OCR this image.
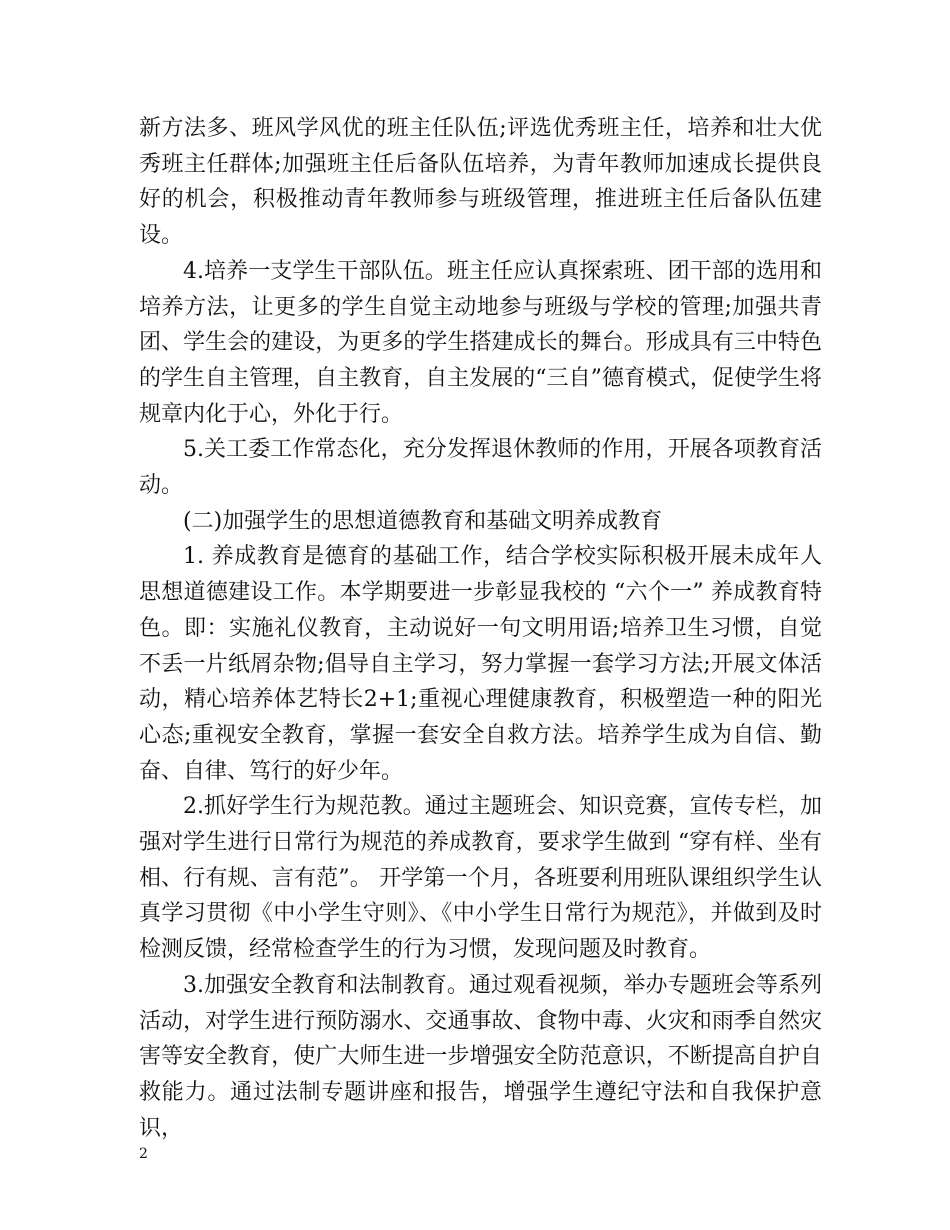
新方法多、班风学风优的班主任队伍;评选优秀班主任，培养和壮大优秀班主任群体;加强班主任后备队伍培养，为青年教师加速成长提供良好的机会，积极推动青年教师参与班级管理，推进班主任后备队伍建设。

4.培养一支学生干部队伍。班主任应认真探索班、团干部的选用和培养方法，让更多的学生自觉主动地参与班级与学校的管理;加强共青团、学生会的建设，为更多的学生搭建成长的舞台。形成具有三中特色的学生自主管理，自主教育，自主发展的“三自”德育模式，促使学生将规章内化于心，外化于行。

5.关工委工作常态化，充分发挥退休教师的作用，开展各项教育活动。

(二)加强学生的思想道德教育和基础文明养成教育

1. 养成教育是德育的基础工作，结合学校实际积极开展未成年人思想道德建设工作。本学期要进一步彰显我校的 “六个一” 养成教育特色。即：实施礼仪教育，主动说好一句文明用语;培养卫生习惯，自觉不丢一片纸屑杂物;倡导自主学习，努力掌握一套学习方法;开展文体活动，精心培养体艺特长2+1;重视心理健康教育，积极塑造一种的阳光心态;重视安全教育，掌握一套安全自救方法。培养学生成为自信、勤奋、自律、笃行的好少年。

2.抓好学生行为规范教。通过主题班会、知识竞赛，宣传专栏，加强对学生进行日常行为规范的养成教育，要求学生做到 “穿有样、坐有相、行有规、言有范”。 开学第一个月，各班要利用班队课组织学生认真学习贯彻《中小学生守则》、《中小学生日常行为规范》，并做到及时检测反馈，经常检查学生的行为习惯，发现问题及时教育。

3.加强安全教育和法制教育。通过观看视频，举办专题班会等系列活动，对学生进行预防溺水、交通事故、食物中毒、火灾和雨季自然灾害等安全教育，使广大师生进一步增强安全防范意识，不断提高自护自救能力。通过法制专题讲座和报告，增强学生遵纪守法和自我保护意识，

2
